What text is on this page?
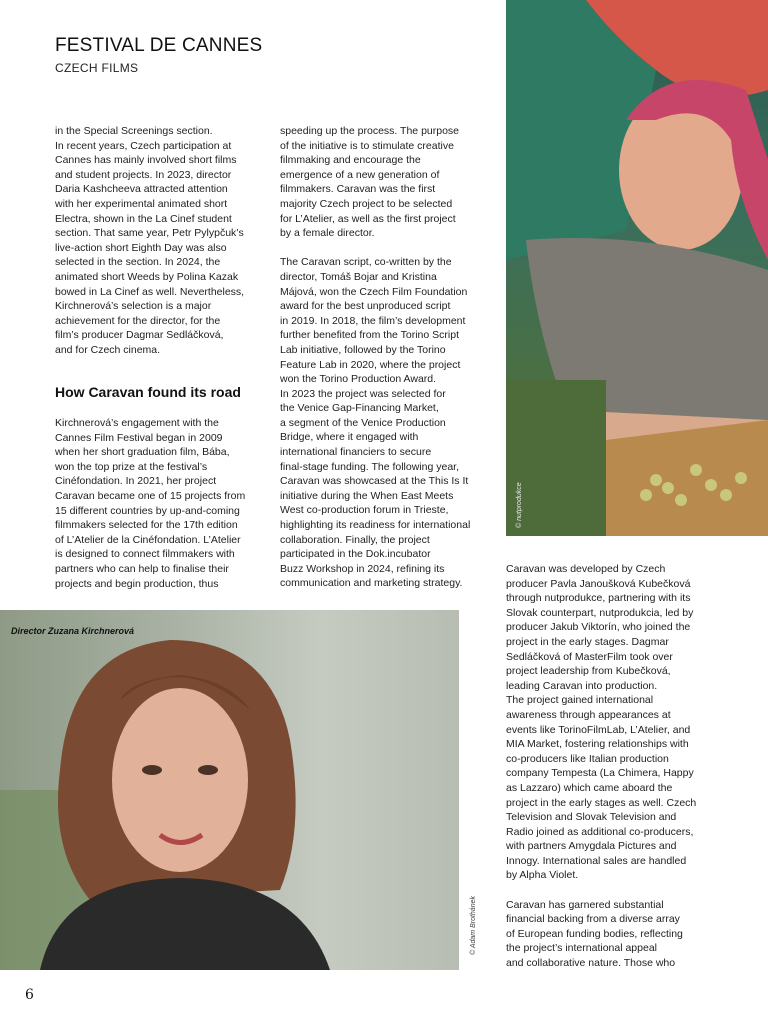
FESTIVAL DE CANNES
CZECH FILMS

in the Special Screenings section.

In recent years, Czech participation at

Cannes has mainly involved short films

and student projects. In 2023, director

Daria Kashcheeva attracted attention

with her experimental animated short

Electra, shown in the La Cinef student

section. That same year, Petr Pylypčuk’s

live-action short Eighth Day was also

selected in the section. In 2024, the

animated short Weeds by Polina Kazak

bowed in La Cinef as well. Nevertheless,

Kirchnerová’s selection is a major

achievement for the director, for the

film’s producer Dagmar Sedláčková,

and for Czech cinema.

How Caravan found its road

Kirchnerová’s engagement with the

Cannes Film Festival began in 2009

when her short graduation film, Bába,

won the top prize at the festival’s

Cinéfondation. In 2021, her project

Caravan became one of 15 projects from

15 different countries by up-and-coming

filmmakers selected for the 17th edition

of L’Atelier de la Cinéfondation. L’Atelier

is designed to connect filmmakers with

partners who can help to finalise their

projects and begin production, thus

speeding up the process. The purpose

of the initiative is to stimulate creative

filmmaking and encourage the

emergence of a new generation of

filmmakers. Caravan was the first

majority Czech project to be selected

for L’Atelier, as well as the first project

by a female director.

The Caravan script, co-written by the

director, Tomáš Bojar and Kristina

Májová, won the Czech Film Foundation

award for the best unproduced script

in 2019. In 2018, the film’s development

further benefited from the Torino Script

Lab initiative, followed by the Torino

Feature Lab in 2020, where the project

won the Torino Production Award.

In 2023 the project was selected for

the Venice Gap-Financing Market,

a segment of the Venice Production

Bridge, where it engaged with

international financiers to secure

final-stage funding. The following year,

Caravan was showcased at the This Is It

initiative during the When East Meets

West co-production forum in Trieste,

highlighting its readiness for international

collaboration. Finally, the project

participated in the Dok.incubator

Buzz Workshop in 2024, refining its

communication and marketing strategy.

© nutprodukce
© Adam Brothánek
Director Zuzana Kirchnerová

Caravan was developed by Czech

producer Pavla Janoušková Kubečková

through nutprodukce, partnering with its

Slovak counterpart, nutprodukcia, led by

producer Jakub Viktorín, who joined the

project in the early stages. Dagmar

Sedláčková of MasterFilm took over

project leadership from Kubečková,

leading Caravan into production.

The project gained international

awareness through appearances at

events like TorinoFilmLab, L’Atelier, and

MIA Market, fostering relationships with

co-producers like Italian production

company Tempesta (La Chimera, Happy

as Lazzaro) which came aboard the

project in the early stages as well. Czech

Television and Slovak Television and

Radio joined as additional co-producers,

with partners Amygdala Pictures and

Innogy. International sales are handled

by Alpha Violet.

Caravan has garnered substantial

financial backing from a diverse array

of European funding bodies, reflecting

the project’s international appeal

and collaborative nature. Those who

6
